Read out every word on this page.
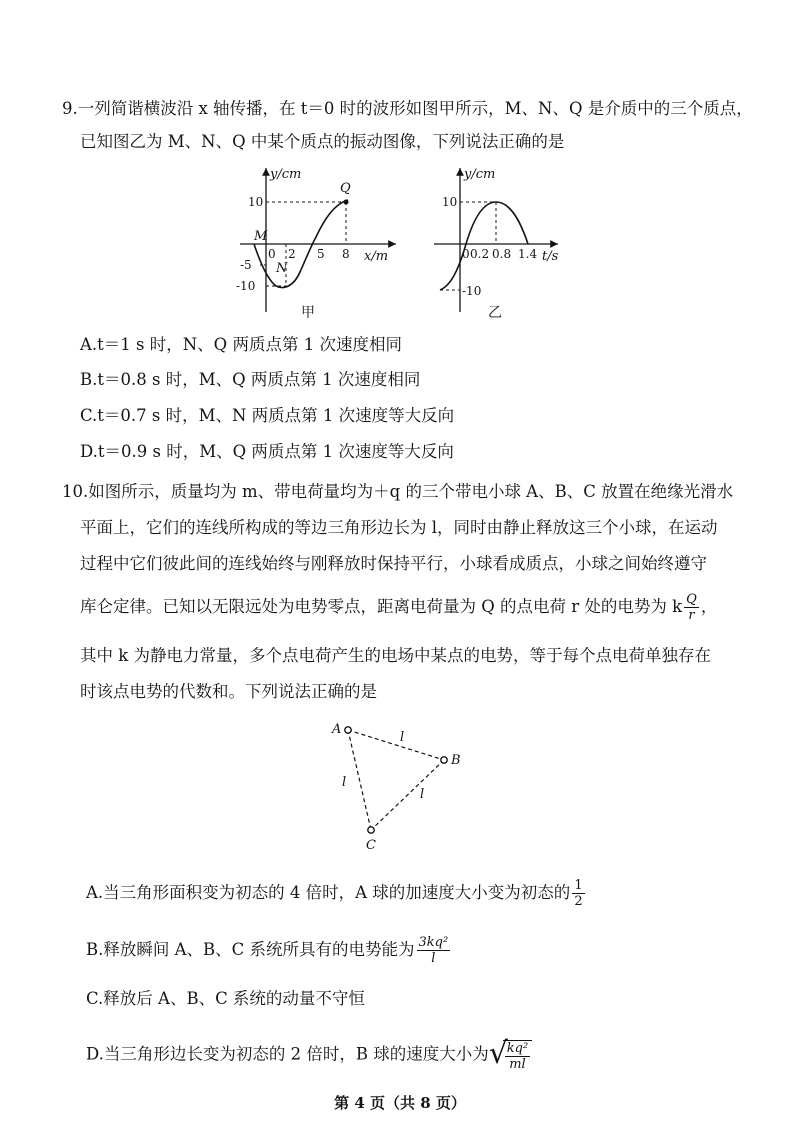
9.一列简谐横波沿 x 轴传播，在 t＝0 时的波形如图甲所示，M、N、Q 是介质中的三个质点，
已知图乙为 M、N、Q 中某个质点的振动图像，下列说法正确的是
y/cm
x/m
10
-5
-10
0 2 5 8
M
N
Q
甲
y/cm
t/s
10
-10
0 0.2 0.8 1.4
乙
A.t＝1 s 时，N、Q 两质点第 1 次速度相同
B.t＝0.8 s 时，M、Q 两质点第 1 次速度相同
C.t＝0.7 s 时，M、N 两质点第 1 次速度等大反向
D.t＝0.9 s 时，M、Q 两质点第 1 次速度等大反向
10.如图所示，质量均为 m、带电荷量均为＋q 的三个带电小球 A、B、C 放置在绝缘光滑水
平面上，它们的连线所构成的等边三角形边长为 l，同时由静止释放这三个小球，在运动
过程中它们彼此间的连线始终与刚释放时保持平行，小球看成质点，小球之间始终遵守
库仑定律。已知以无限远处为电势零点，距离电荷量为 Q 的点电荷 r 处的电势为 k $\frac{Q}{r}$ ，
其中 k 为静电力常量，多个点电荷产生的电场中某点的电势，等于每个点电荷单独存在
时该点电势的代数和。下列说法正确的是
A
B
C
l
l
l
A.当三角形面积变为初态的 4 倍时，A 球的加速度大小变为初态的 $\frac{1}{2}$
B.释放瞬间 A、B、C 系统所具有的电势能为 $\frac{\text{3kq²}}{l}$
C.释放后 A、B、C 系统的动量不守恒
D.当三角形边长变为初态的 2 倍时，B 球的速度大小为 √
$\frac{\text{kq²}}{ml}$
第 4 页（共 8 页）
